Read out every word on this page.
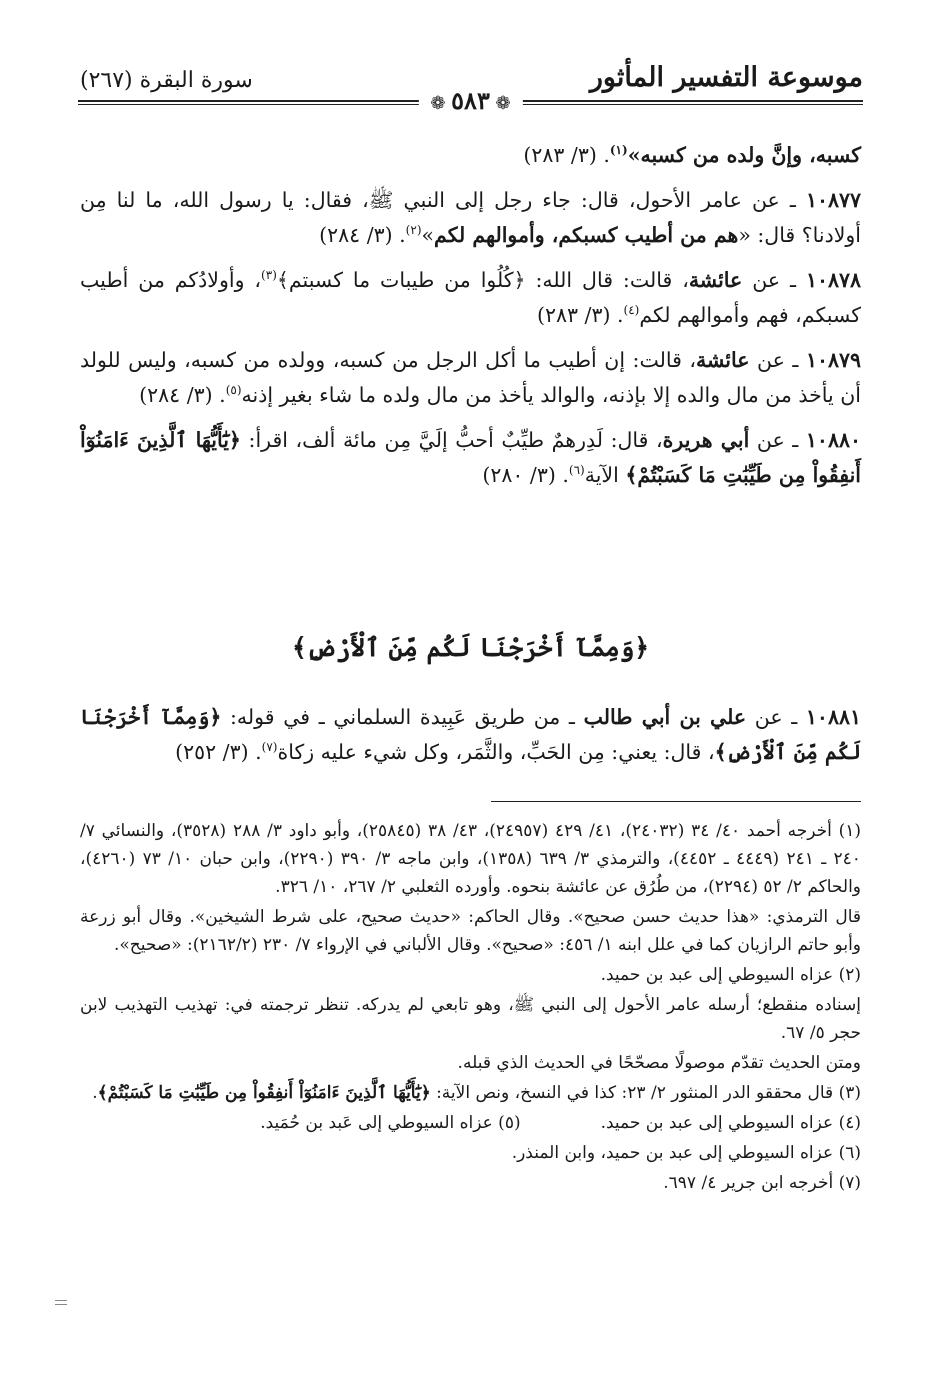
موسوعة التفسير المأثور
سورة البقرة (٢٦٧)
❁ ٥٨٣ ❁

كسبه، وإنَّ ولده من كسبه»$^{(١)}$. (٣/ ٢٨٣)

١٠٨٧٧ ـ عن عامر الأحول، قال: جاء رجل إلى النبي ﷺ، فقال: يا رسول الله، ما لنا مِن أولادنا؟ قال: «هم من أطيب كسبكم، وأموالهم لكم»$^{(٢)}$. (٣/ ٢٨٤)

١٠٨٧٨ ـ عن عائشة، قالت: قال الله: ﴿كُلُوا من طيبات ما كسبتم﴾$^{(٣)}$، وأولادُكم من أطيب كسبكم، فهم وأموالهم لكم$^{(٤)}$. (٣/ ٢٨٣)

١٠٨٧٩ ـ عن عائشة، قالت: إن أطيب ما أكل الرجل من كسبه، وولده من كسبه، وليس للولد أن يأخذ من مال والده إلا بإذنه، والوالد يأخذ من مال ولده ما شاء بغير إذنه$^{(٥)}$. (٣/ ٢٨٤)

١٠٨٨٠ ـ عن أبي هريرة، قال: لَدِرهمٌ طيِّبٌ أحبُّ إلَيَّ مِن مائة ألف، اقرأ: ﴿يَٰٓأَيُّهَا ٱلَّذِينَ ءَامَنُوٓاْ أَنفِقُواْ مِن طَيِّبَٰتِ مَا كَسَبْتُمْ﴾ الآية$^{(٦)}$. (٣/ ٢٨٠)

﴿وَمِمَّآ أَخْرَجْنَا لَكُم مِّنَ ٱلْأَرْضِ﴾

١٠٨٨١ ـ عن علي بن أبي طالب ـ من طريق عَبِيدة السلماني ـ في قوله: ﴿وَمِمَّآ أَخْرَجْنَا لَكُم مِّنَ ٱلْأَرْضِ﴾، قال: يعني: مِن الحَبِّ، والثَّمَر، وكل شيء عليه زكاة$^{(٧)}$. (٣/ ٢٥٢)

(١) أخرجه أحمد ٤٠/ ٣٤ (٢٤٠٣٢)، ٤١/ ٤٢٩ (٢٤٩٥٧)، ٤٣/ ٣٨ (٢٥٨٤٥)، وأبو داود ٣/ ٢٨٨ (٣٥٢٨)، والنسائي ٧/ ٢٤٠ ـ ٢٤١ (٤٤٤٩ ـ ٤٤٥٢)، والترمذي ٣/ ٦٣٩ (١٣٥٨)، وابن ماجه ٣/ ٣٩٠ (٢٢٩٠)، وابن حبان ١٠/ ٧٣ (٤٢٦٠)، والحاكم ٢/ ٥٢ (٢٢٩٤)، من طُرُق عن عائشة بنحوه. وأورده الثعلبي ٢/ ٢٦٧، ١٠/ ٣٢٦.

قال الترمذي: «هذا حديث حسن صحيح». وقال الحاكم: «حديث صحيح، على شرط الشيخين». وقال أبو زرعة وأبو حاتم الرازيان كما في علل ابنه ١/ ٤٥٦: «صحيح». وقال الألباني في الإرواء ٧/ ٢٣٠ (٢١٦٢/٢): «صحيح».

(٢) عزاه السيوطي إلى عبد بن حميد.

إسناده منقطع؛ أرسله عامر الأحول إلى النبي ﷺ، وهو تابعي لم يدركه. تنظر ترجمته في: تهذيب التهذيب لابن حجر ٥/ ٦٧.

ومتن الحديث تقدّم موصولًا مصحّحًا في الحديث الذي قبله.

(٣) قال محققو الدر المنثور ٢/ ٢٣: كذا في النسخ، ونص الآية: ﴿يَٰٓأَيُّهَا ٱلَّذِينَ ءَامَنُوٓاْ أَنفِقُواْ مِن طَيِّبَٰتِ مَا كَسَبْتُمْ﴾.

(٤) عزاه السيوطي إلى عبد بن حميد.
(٥) عزاه السيوطي إلى عَبد بن حُمَيد.

(٦) عزاه السيوطي إلى عبد بن حميد، وابن المنذر.

(٧) أخرجه ابن جرير ٤/ ٦٩٧.
